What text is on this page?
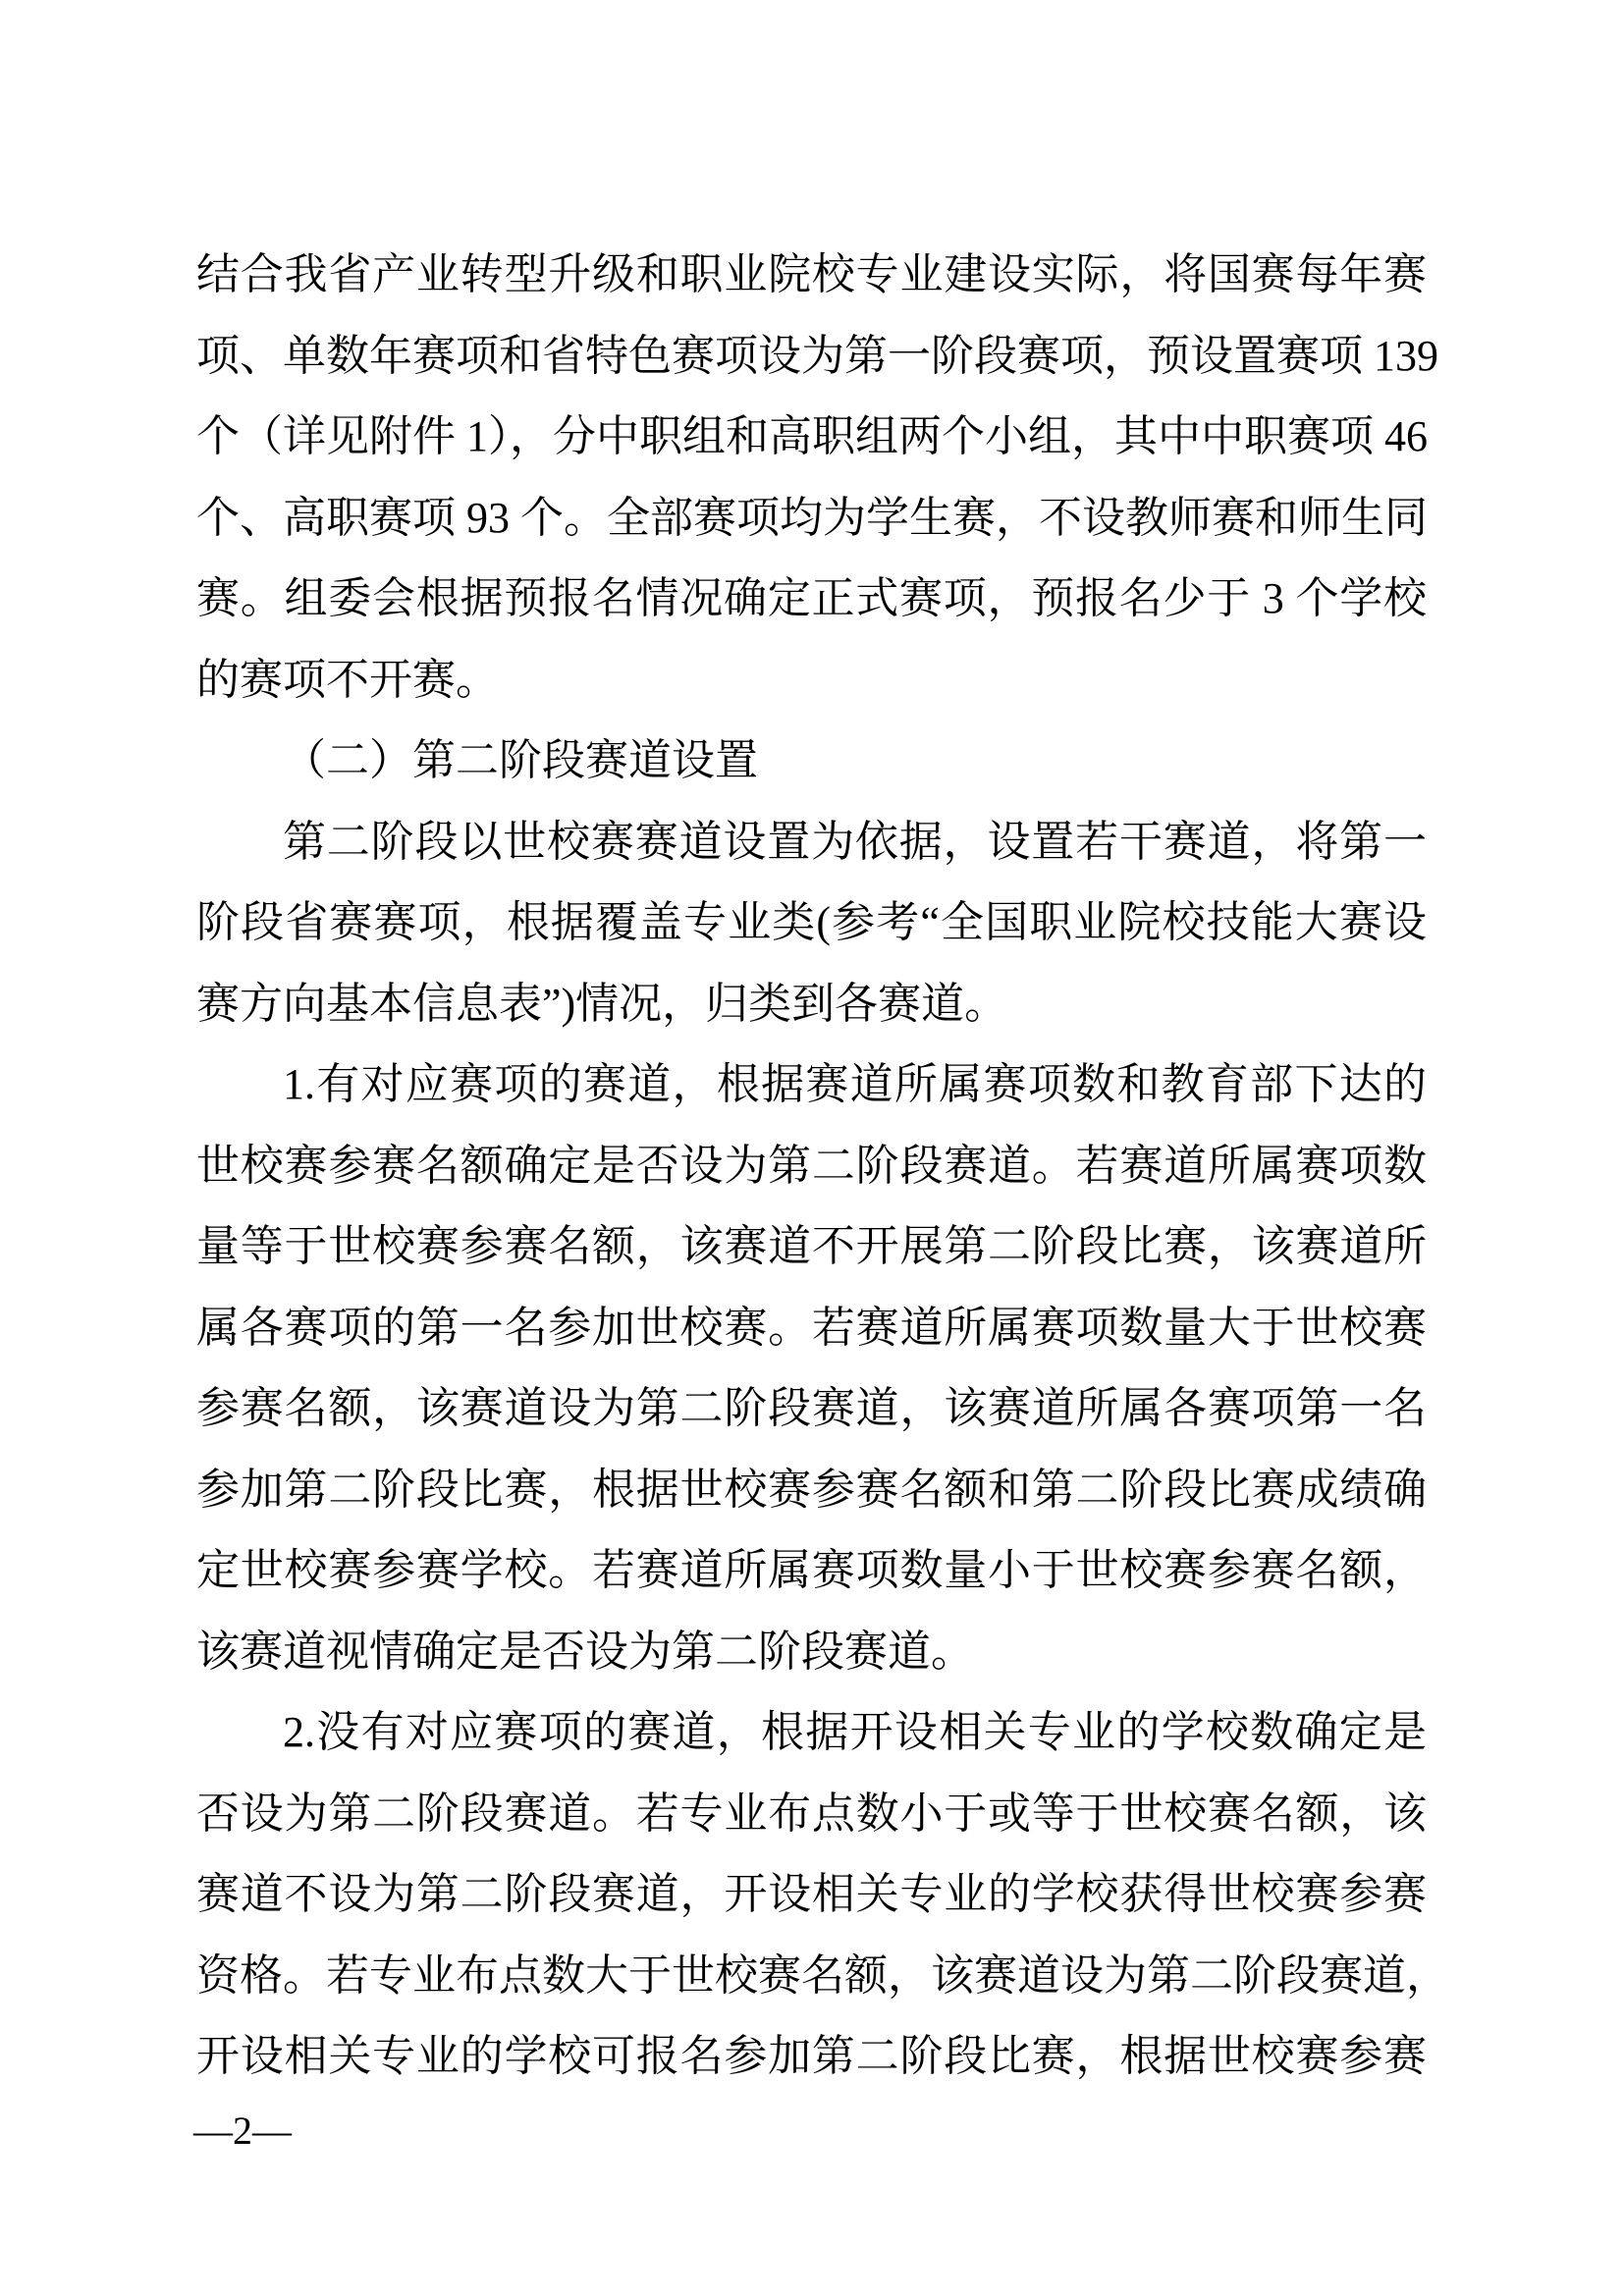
结合我省产业转型升级和职业院校专业建设实际，将国赛每年赛
项、单数年赛项和省特色赛项设为第一阶段赛项，预设置赛项 139
个（详见附件 1），分中职组和高职组两个小组，其中中职赛项 46
个、高职赛项 93 个。全部赛项均为学生赛，不设教师赛和师生同
赛。组委会根据预报名情况确定正式赛项，预报名少于 3 个学校
的赛项不开赛。
（二）第二阶段赛道设置
第二阶段以世校赛赛道设置为依据，设置若干赛道，将第一
阶段省赛赛项，根据覆盖专业类(参考“全国职业院校技能大赛设
赛方向基本信息表”)情况，归类到各赛道。
1.有对应赛项的赛道，根据赛道所属赛项数和教育部下达的
世校赛参赛名额确定是否设为第二阶段赛道。若赛道所属赛项数
量等于世校赛参赛名额，该赛道不开展第二阶段比赛，该赛道所
属各赛项的第一名参加世校赛。若赛道所属赛项数量大于世校赛
参赛名额，该赛道设为第二阶段赛道，该赛道所属各赛项第一名
参加第二阶段比赛，根据世校赛参赛名额和第二阶段比赛成绩确
定世校赛参赛学校。若赛道所属赛项数量小于世校赛参赛名额，
该赛道视情确定是否设为第二阶段赛道。
2.没有对应赛项的赛道，根据开设相关专业的学校数确定是
否设为第二阶段赛道。若专业布点数小于或等于世校赛名额，该
赛道不设为第二阶段赛道，开设相关专业的学校获得世校赛参赛
资格。若专业布点数大于世校赛名额，该赛道设为第二阶段赛道，
开设相关专业的学校可报名参加第二阶段比赛，根据世校赛参赛
—2—
